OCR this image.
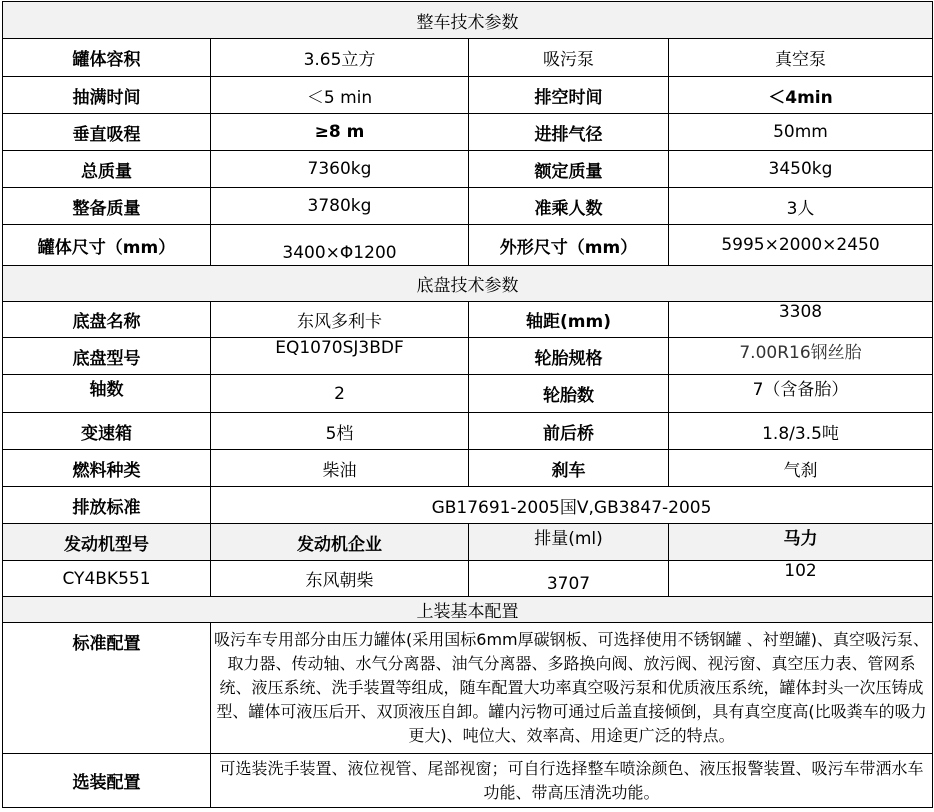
整车技术参数			
罐体容积	3.65立方	吸污泵	真空泵
抽满时间	＜5 min	排空时间	＜4min
垂直吸程	≥8 m	进排气径	50mm
总质量	7360kg	额定质量	3450kg
整备质量	3780kg	准乘人数	3人
罐体尺寸（mm）	3400×Φ1200	外形尺寸（mm）	5995×2000×2450
底盘技术参数			
底盘名称	东风多利卡	轴距(mm)	3308
底盘型号	EQ1070SJ3BDF	轮胎规格	7.00R16钢丝胎
轴数	2	轮胎数	7（含备胎）
变速箱	5档	前后桥	1.8/3.5吨
燃料种类	柴油	刹车	气刹
排放标准	GB17691-2005国Ⅴ,GB3847-2005		
发动机型号	发动机企业	排量(ml)	马力
CY4BK551	东风朝柴	3707	102
上装基本配置			
标准配置	吸污车专用部分由压力罐体(采用国标6mm厚碳钢板、可选择使用不锈钢罐 、衬塑罐)、真空吸污泵、取力器、传动轴、水气分离器、油气分离器、多路换向阀、放污阀、视污窗、真空压力表、管网系统、液压系统、洗手装置等组成，随车配置大功率真空吸污泵和优质液压系统，罐体封头一次压铸成型、罐体可液压后开、双顶液压自卸。罐内污物可通过后盖直接倾倒，具有真空度高(比吸粪车的吸力更大)、吨位大、效率高、用途更广泛的特点。		
选装配置	可选装洗手装置、液位视管、尾部视窗；可自行选择整车喷涂颜色、液压报警装置、吸污车带洒水车功能、带高压清洗功能。		
